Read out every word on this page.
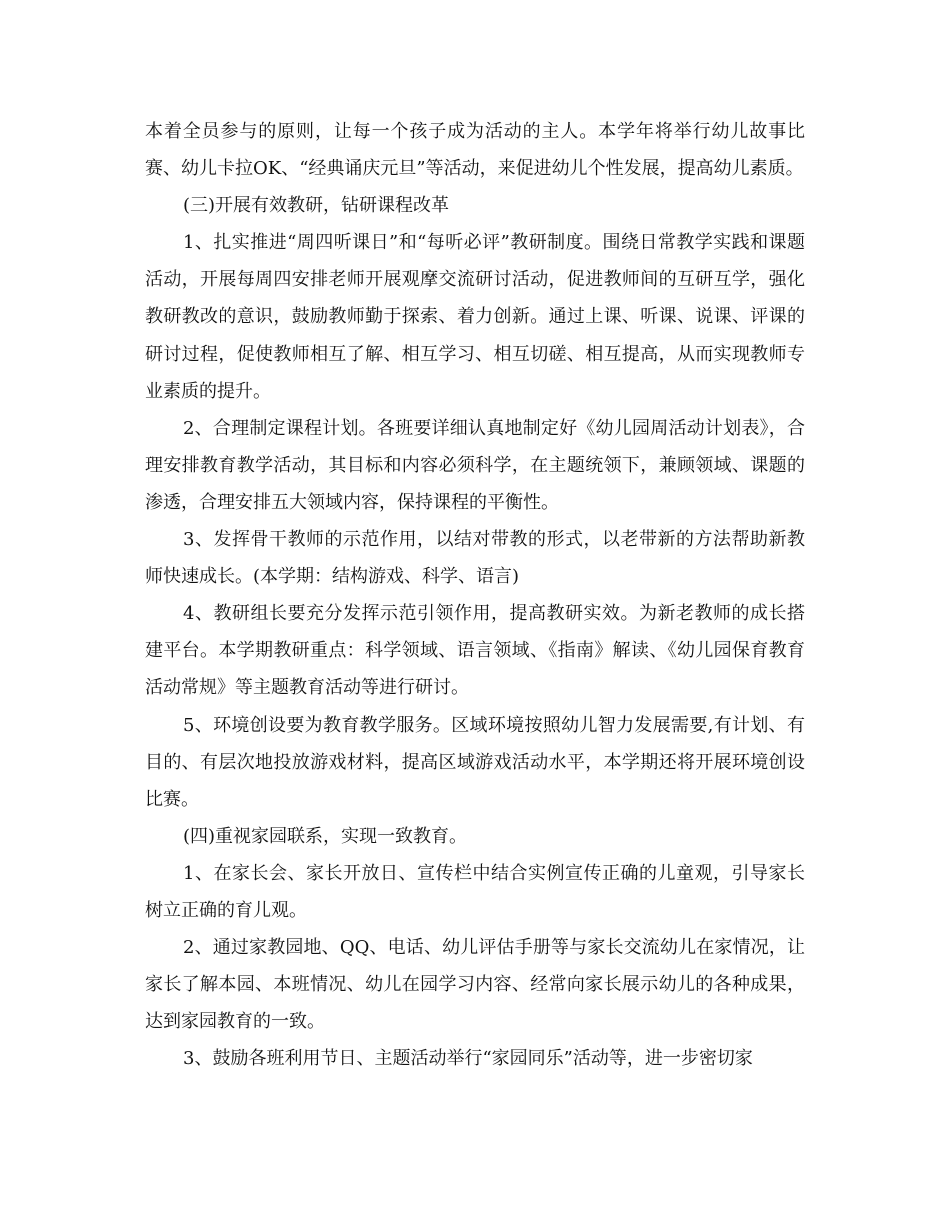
本着全员参与的原则，让每一个孩子成为活动的主人。本学年将举行幼儿故事比赛、幼儿卡拉OK、“经典诵庆元旦”等活动，来促进幼儿个性发展，提高幼儿素质。

(三)开展有效教研，钻研课程改革

1、扎实推进“周四听课日”和“每听必评”教研制度。围绕日常教学实践和课题活动，开展每周四安排老师开展观摩交流研讨活动，促进教师间的互研互学，强化教研教改的意识，鼓励教师勤于探索、着力创新。通过上课、听课、说课、评课的研讨过程，促使教师相互了解、相互学习、相互切磋、相互提高，从而实现教师专业素质的提升。

2、合理制定课程计划。各班要详细认真地制定好《幼儿园周活动计划表》，合理安排教育教学活动，其目标和内容必须科学，在主题统领下，兼顾领域、课题的渗透，合理安排五大领域内容，保持课程的平衡性。

3、发挥骨干教师的示范作用，以结对带教的形式，以老带新的方法帮助新教师快速成长。(本学期：结构游戏、科学、语言)

4、教研组长要充分发挥示范引领作用，提高教研实效。为新老教师的成长搭建平台。本学期教研重点：科学领域、语言领域、《指南》解读、《幼儿园保育教育活动常规》等主题教育活动等进行研讨。

5、环境创设要为教育教学服务。区域环境按照幼儿智力发展需要,有计划、有目的、有层次地投放游戏材料，提高区域游戏活动水平，本学期还将开展环境创设比赛。

(四)重视家园联系，实现一致教育。

1、在家长会、家长开放日、宣传栏中结合实例宣传正确的儿童观，引导家长树立正确的育儿观。

2、通过家教园地、QQ、电话、幼儿评估手册等与家长交流幼儿在家情况，让家长了解本园、本班情况、幼儿在园学习内容、经常向家长展示幼儿的各种成果，达到家园教育的一致。

3、鼓励各班利用节日、主题活动举行“家园同乐”活动等，进一步密切家
